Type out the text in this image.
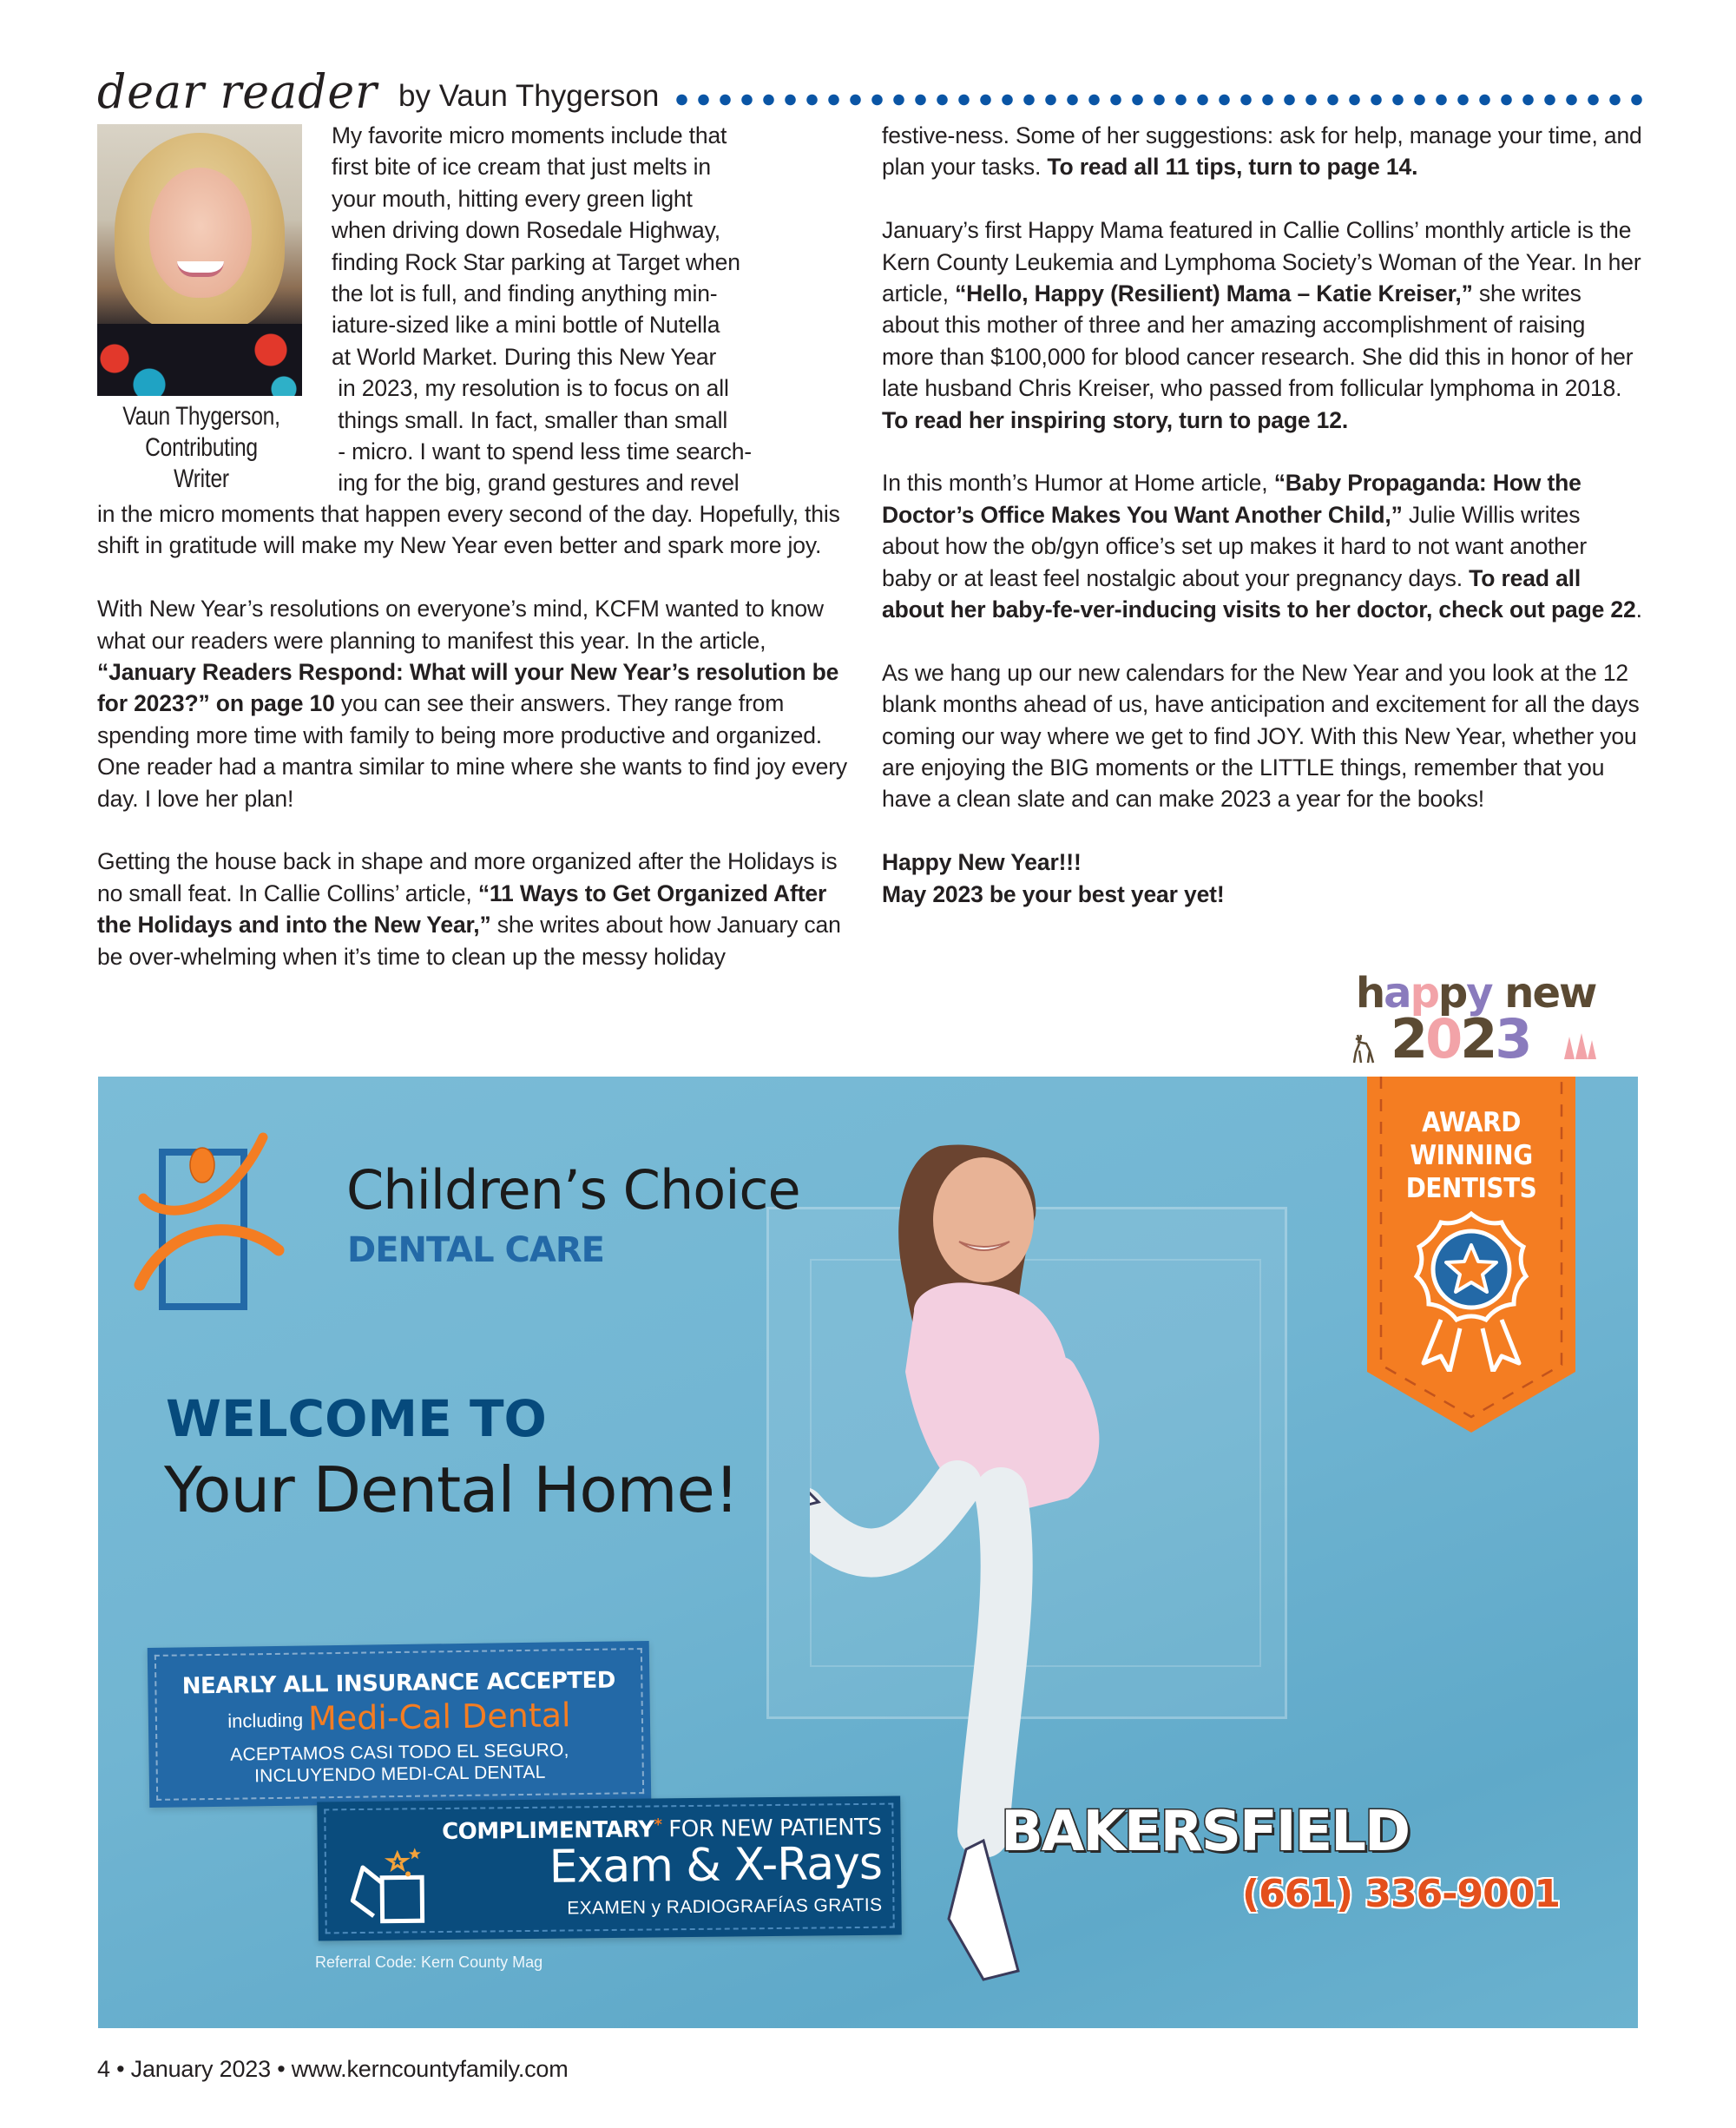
dear reader by Vaun Thygerson
Vaun Thygerson,
Contributing Writer
My favorite micro moments include that
first bite of ice cream that just melts in
your mouth, hitting every green light
when driving down Rosedale Highway,
finding Rock Star parking at Target when
the lot is full, and finding anything min-
iature-sized like a mini bottle of Nutella
at World Market. During this New Year
in 2023, my resolution is to focus on all
things small. In fact, smaller than small
- micro. I want to spend less time search-
ing for the big, grand gestures and revel

in the micro moments that happen every second of the day. Hopefully, this shift in gratitude will make my New Year even better and spark more joy.

With New Year’s resolutions on everyone’s mind, KCFM wanted to know what our readers were planning to manifest this year. In the article, “January Readers Respond: What will your New Year’s resolution be for 2023?” on page 10 you can see their answers. They range from spending more time with family to being more productive and organized. One reader had a mantra similar to mine where she wants to find joy every day. I love her plan!

Getting the house back in shape and more organized after the Holidays is no small feat. In Callie Collins’ article, “11 Ways to Get Organized After the Holidays and into the New Year,” she writes about how January can be over-whelming when it’s time to clean up the messy holiday

festive-ness. Some of her suggestions: ask for help, manage your time, and plan your tasks. To read all 11 tips, turn to page 14.

January’s first Happy Mama featured in Callie Collins’ monthly article is the Kern County Leukemia and Lymphoma Society’s Woman of the Year. In her article, “Hello, Happy (Resilient) Mama – Katie Kreiser,” she writes about this mother of three and her amazing accomplishment of raising more than $100,000 for blood cancer research. She did this in honor of her late husband Chris Kreiser, who passed from follicular lymphoma in 2018. To read her inspiring story, turn to page 12.

In this month’s Humor at Home article, “Baby Propaganda: How the Doctor’s Office Makes You Want Another Child,” Julie Willis writes about how the ob/gyn office’s set up makes it hard to not want another baby or at least feel nostalgic about your pregnancy days. To read all about her baby-fe-ver-inducing visits to her doctor, check out page 22.

As we hang up our new calendars for the New Year and you look at the 12 blank months ahead of us, have anticipation and excitement for all the days coming our way where we get to find JOY. With this New Year, whether you are enjoying the BIG moments or the LITTLE things, remember that you have a clean slate and can make 2023 a year for the books!

Happy New Year!!!
May 2023 be your best year yet!

happy new
2023
Children’s Choice
DENTAL CARE
WELCOME TO
Your Dental Home!
AWARD
WINNING
DENTISTS
NEARLY ALL INSURANCE ACCEPTED
including Medi-Cal Dental
ACEPTAMOS CASI TODO EL SEGURO,
INCLUYENDO MEDI-CAL DENTAL
COMPLIMENTARY* FOR NEW PATIENTS
Exam & X-Rays
EXAMEN y RADIOGRAFÍAS GRATIS
Referral Code: Kern County Mag
BAKERSFIELD
(661) 336-9001
4 • January 2023 • www.kerncountyfamily.com
